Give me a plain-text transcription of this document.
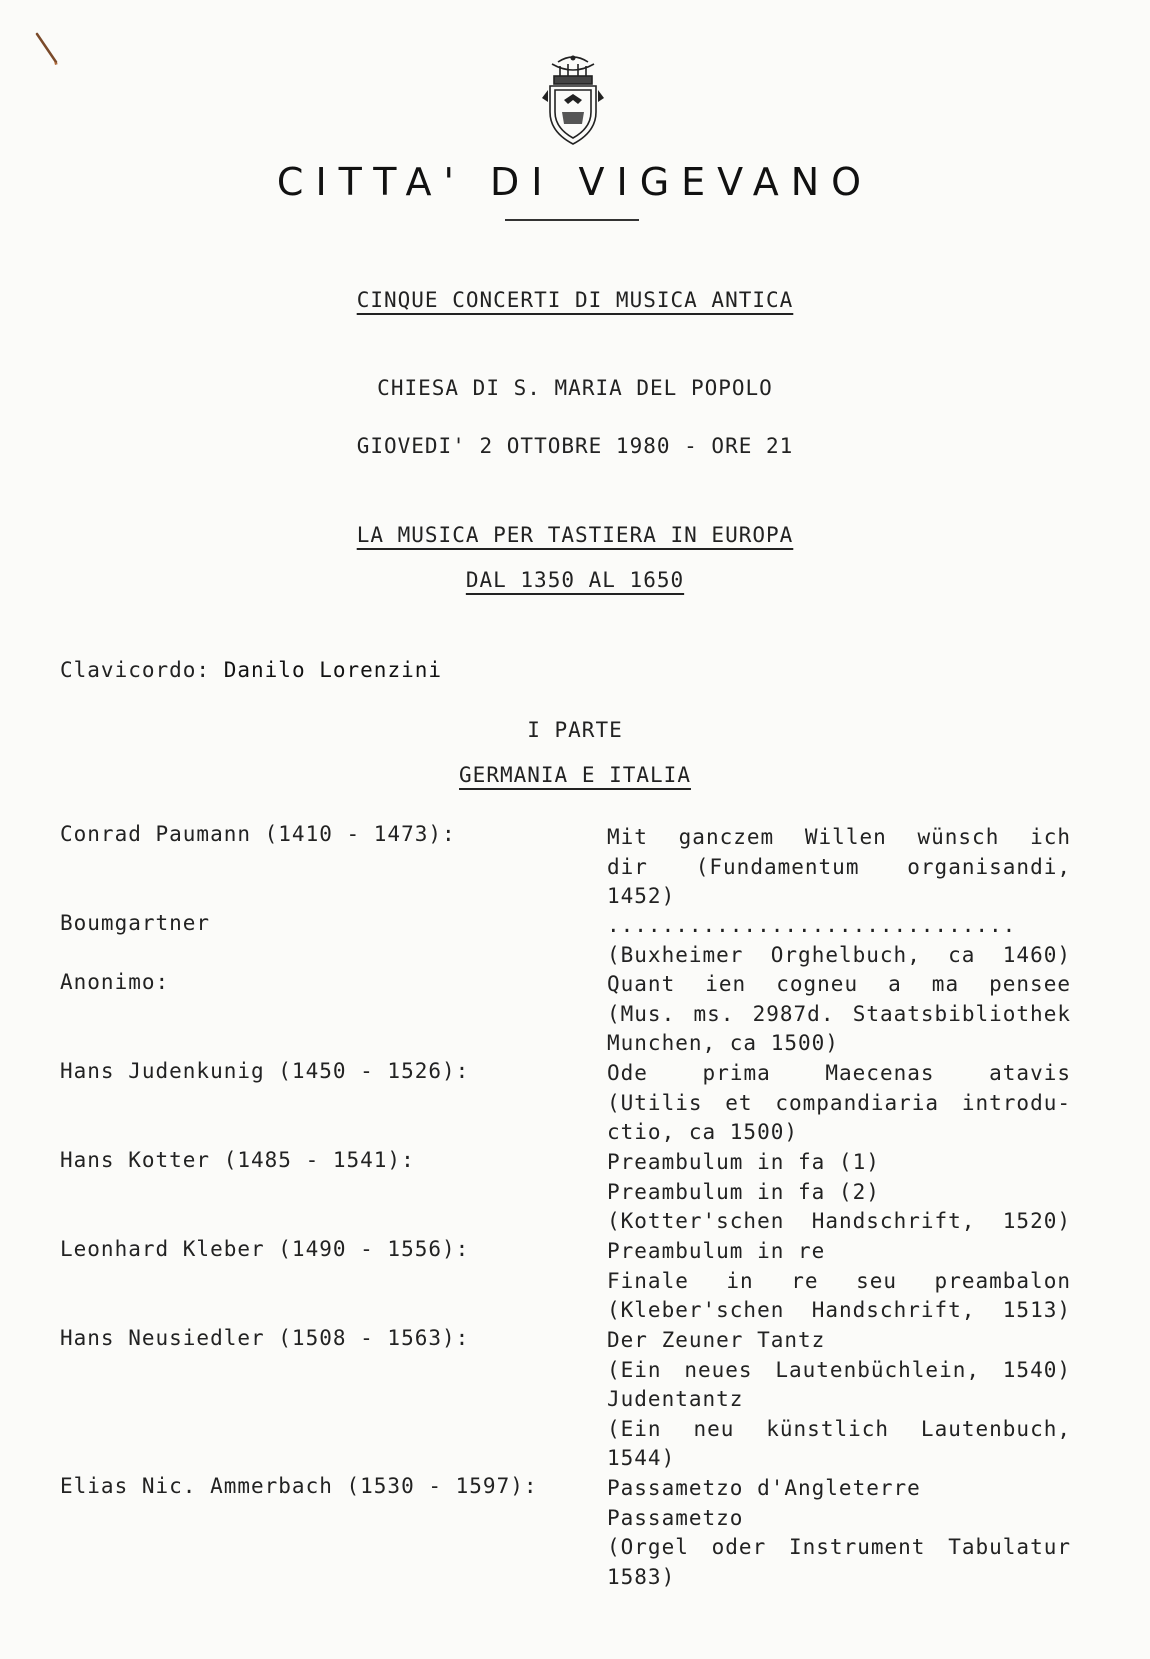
CITTA' DI VIGEVANO
CINQUE CONCERTI DI MUSICA ANTICA
CHIESA DI S. MARIA DEL POPOLO
GIOVEDI' 2 OTTOBRE 1980 - ORE 21
LA MUSICA PER TASTIERA IN EUROPA
DAL 1350 AL 1650
Clavicordo: Danilo Lorenzini
I PARTE
GERMANIA E ITALIA
Conrad Paumann (1410 - 1473):	Mit ganczem Willen wünsch ich
dir (Fundamentum organisandi,
1452)
Boumgartner	..............................
(Buxheimer Orghelbuch, ca 1460)
Anonimo:	Quant ien cogneu a ma pensee
(Mus. ms. 2987d. Staatsbibliothek
Munchen, ca 1500)
Hans Judenkunig (1450 - 1526):	Ode prima Maecenas atavis
(Utilis et compandiaria introdu-
ctio, ca 1500)
Hans Kotter (1485 - 1541):	Preambulum in fa (1)
Preambulum in fa (2)
(Kotter'schen Handschrift, 1520)
Leonhard Kleber (1490 - 1556):	Preambulum in re
Finale in re seu preambalon
(Kleber'schen Handschrift, 1513)
Hans Neusiedler (1508 - 1563):	Der Zeuner Tantz
(Ein neues Lautenbüchlein, 1540)
Judentantz
(Ein neu künstlich Lautenbuch,
1544)
Elias Nic. Ammerbach (1530 - 1597):	Passametzo d'Angleterre
Passametzo
(Orgel oder Instrument Tabulatur
1583)
